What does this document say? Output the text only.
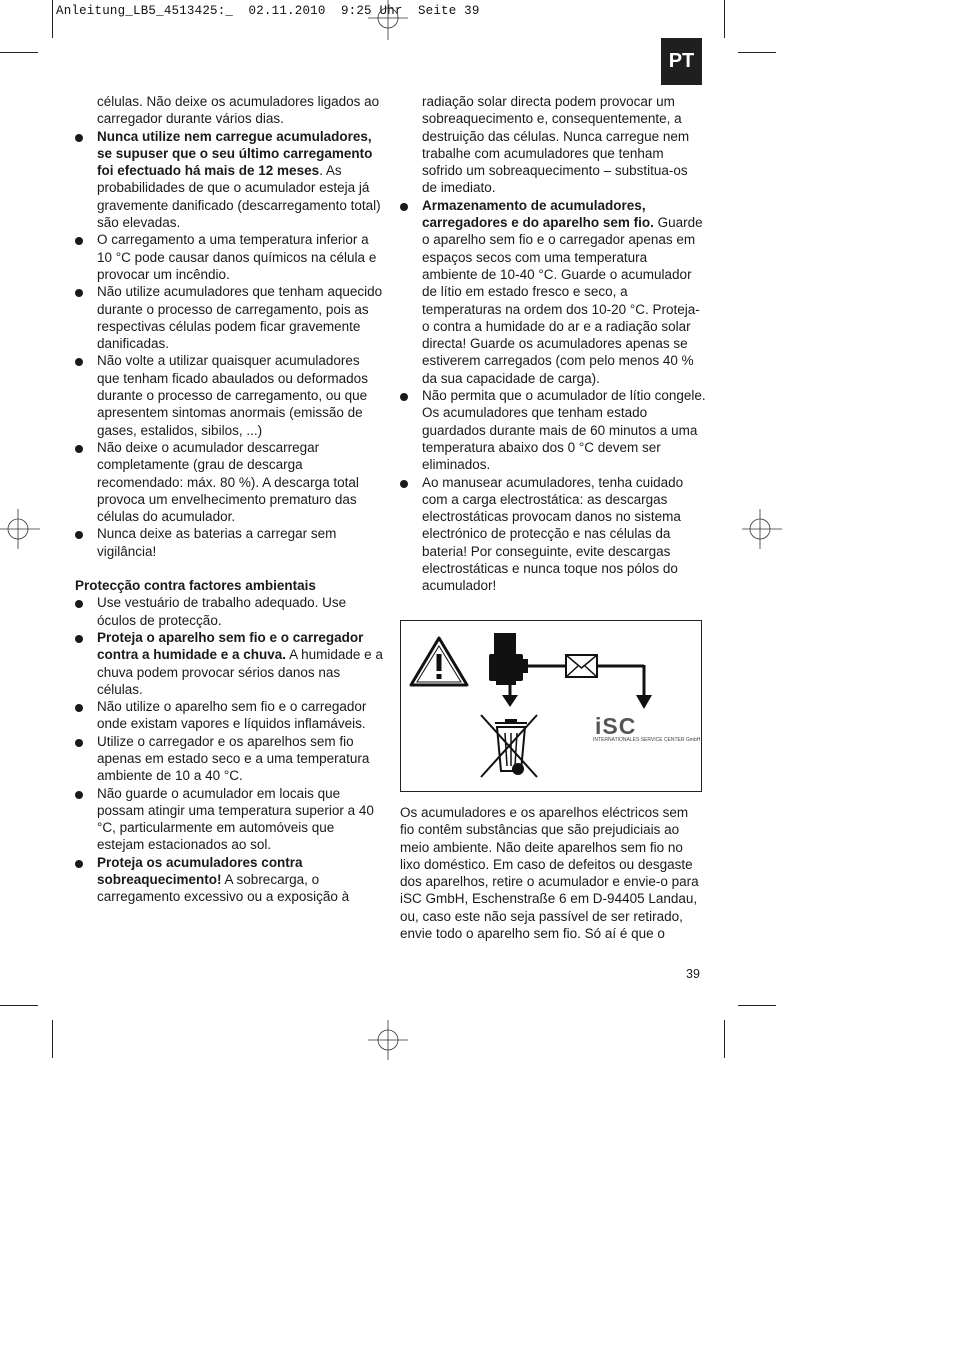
Anleitung_LB5_4513425:_  02.11.2010  9:25 Uhr  Seite 39
PT

células. Não deixe os acumuladores ligados ao carregador durante vários dias.

Nunca utilize nem carregue acumuladores, se supuser que o seu último carregamento foi efectuado há mais de 12 meses. As probabilidades de que o acumulador esteja já gravemente danificado (descarregamento total) são elevadas.

O carregamento a uma temperatura inferior a 10 °C pode causar danos químicos na célula e provocar um incêndio.

Não utilize acumuladores que tenham aquecido durante o processo de carregamento, pois as respectivas células podem ficar gravemente danificadas.

Não volte a utilizar quaisquer acumuladores que tenham ficado abaulados ou deformados durante o processo de carregamento, ou que apresentem sintomas anormais (emissão de gases, estalidos, sibilos, ...)

Não deixe o acumulador descarregar completamente (grau de descarga recomendado: máx. 80 %). A descarga total provoca um envelhecimento prematuro das células do acumulador.

Nunca deixe as baterias a carregar sem vigilância!

Protecção contra factores ambientais

Use vestuário de trabalho adequado. Use óculos de protecção.

Proteja o aparelho sem fio e o carregador contra a humidade e a chuva. A humidade e a chuva podem provocar sérios danos nas células.

Não utilize o aparelho sem fio e o carregador onde existam vapores e líquidos inflamáveis.

Utilize o carregador e os aparelhos sem fio apenas em estado seco e a uma temperatura ambiente de 10 a 40 °C.

Não guarde o acumulador em locais que possam atingir uma temperatura superior a 40 °C, particularmente em automóveis que estejam estacionados ao sol.

Proteja os acumuladores contra sobreaquecimento! A sobrecarga, o carregamento excessivo ou a exposição à

radiação solar directa podem provocar um sobreaquecimento e, consequentemente, a destruição das células. Nunca carregue nem trabalhe com acumuladores que tenham sofrido um sobreaquecimento – substitua-os de imediato.

Armazenamento de acumuladores, carregadores e do aparelho sem fio. Guarde o aparelho sem fio e o carregador apenas em espaços secos com uma temperatura ambiente de 10-40 °C. Guarde o acumulador de lítio em estado fresco e seco, a temperaturas na ordem dos 10-20 °C. Proteja-o contra a humidade do ar e a radiação solar directa! Guarde os acumuladores apenas se estiverem carregados (com pelo menos 40 % da sua capacidade de carga).

Não permita que o acumulador de lítio congele. Os acumuladores que tenham estado guardados durante mais de 60 minutos a uma temperatura abaixo dos 0 °C devem ser eliminados.

Ao manusear acumuladores, tenha cuidado com a carga electrostática: as descargas electrostáticas provocam danos no sistema electrónico de protecção e nas células da bateria! Por conseguinte, evite descargas electrostáticas e nunca toque nos pólos do acumulador!

iSC
INTERNATIONALES SERVICE CENTER GmbH

Os acumuladores e os aparelhos eléctricos sem fio contêm substâncias que são prejudiciais ao meio ambiente. Não deite aparelhos sem fio no lixo doméstico. Em caso de defeitos ou desgaste dos aparelhos, retire o acumulador e envie-o para iSC GmbH, Eschenstraße 6 em D-94405 Landau, ou, caso este não seja passível de ser retirado, envie todo o aparelho sem fio. Só aí é que o

39
